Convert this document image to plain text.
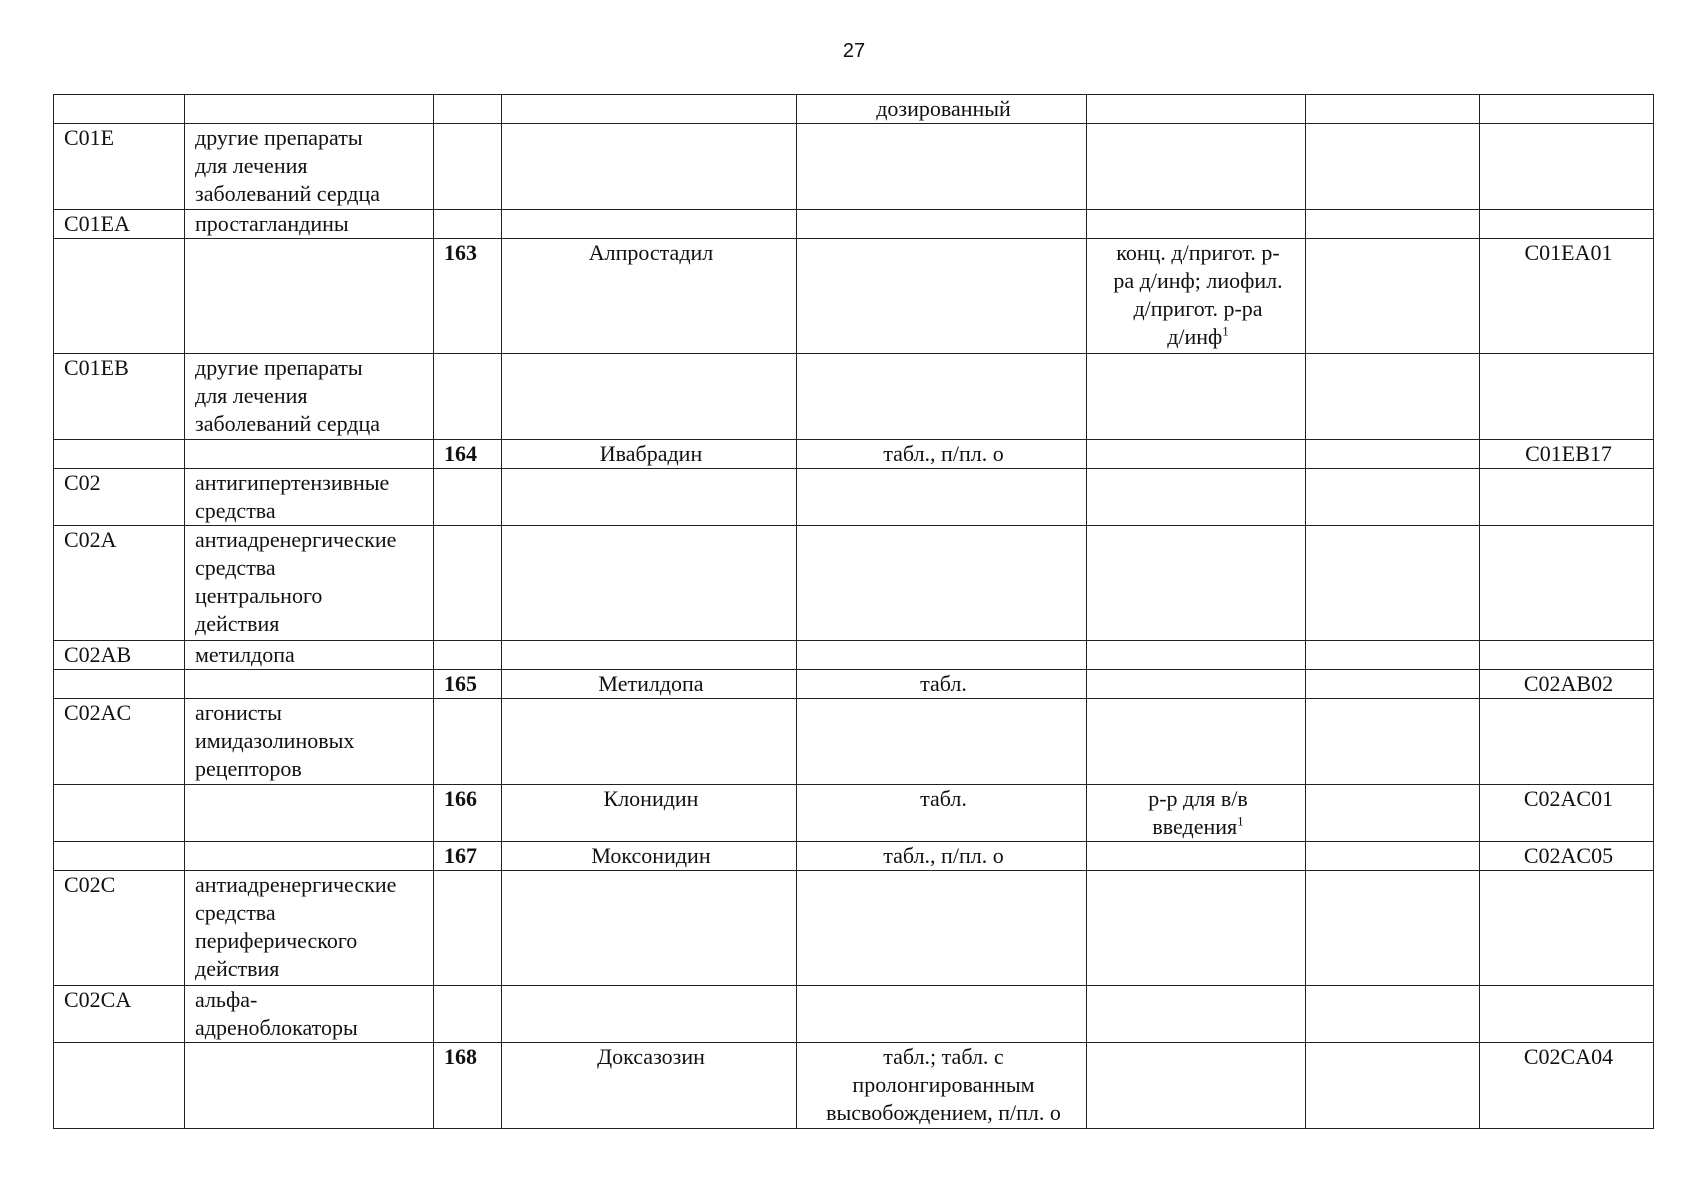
27
				дозированный			
C01E	другие препараты
для лечения
заболеваний сердца						
C01EA	простагландины						
		163	Алпростадил		конц. д/пригот. р-
ра д/инф; лиофил.
д/пригот. р-ра
д/инф$^1$		C01EA01
C01EB	другие препараты
для лечения
заболеваний сердца						
		164	Ивабрадин	табл., п/пл. о			C01EB17
C02	антигипертензивные
средства						
C02A	антиадренергические
средства
центрального
действия						
C02AB	метилдопа						
		165	Метилдопа	табл.			C02AB02
C02AC	агонисты
имидазолиновых
рецепторов						
		166	Клонидин	табл.	р-р для в/в
введения$^1$		C02AC01
		167	Моксонидин	табл., п/пл. о			C02AC05
C02C	антиадренергические
средства
периферического
действия						
C02CA	альфа-
адреноблокаторы						
		168	Доксазозин	табл.; табл. с
пролонгированным
высвобождением, п/пл. о			C02CA04
